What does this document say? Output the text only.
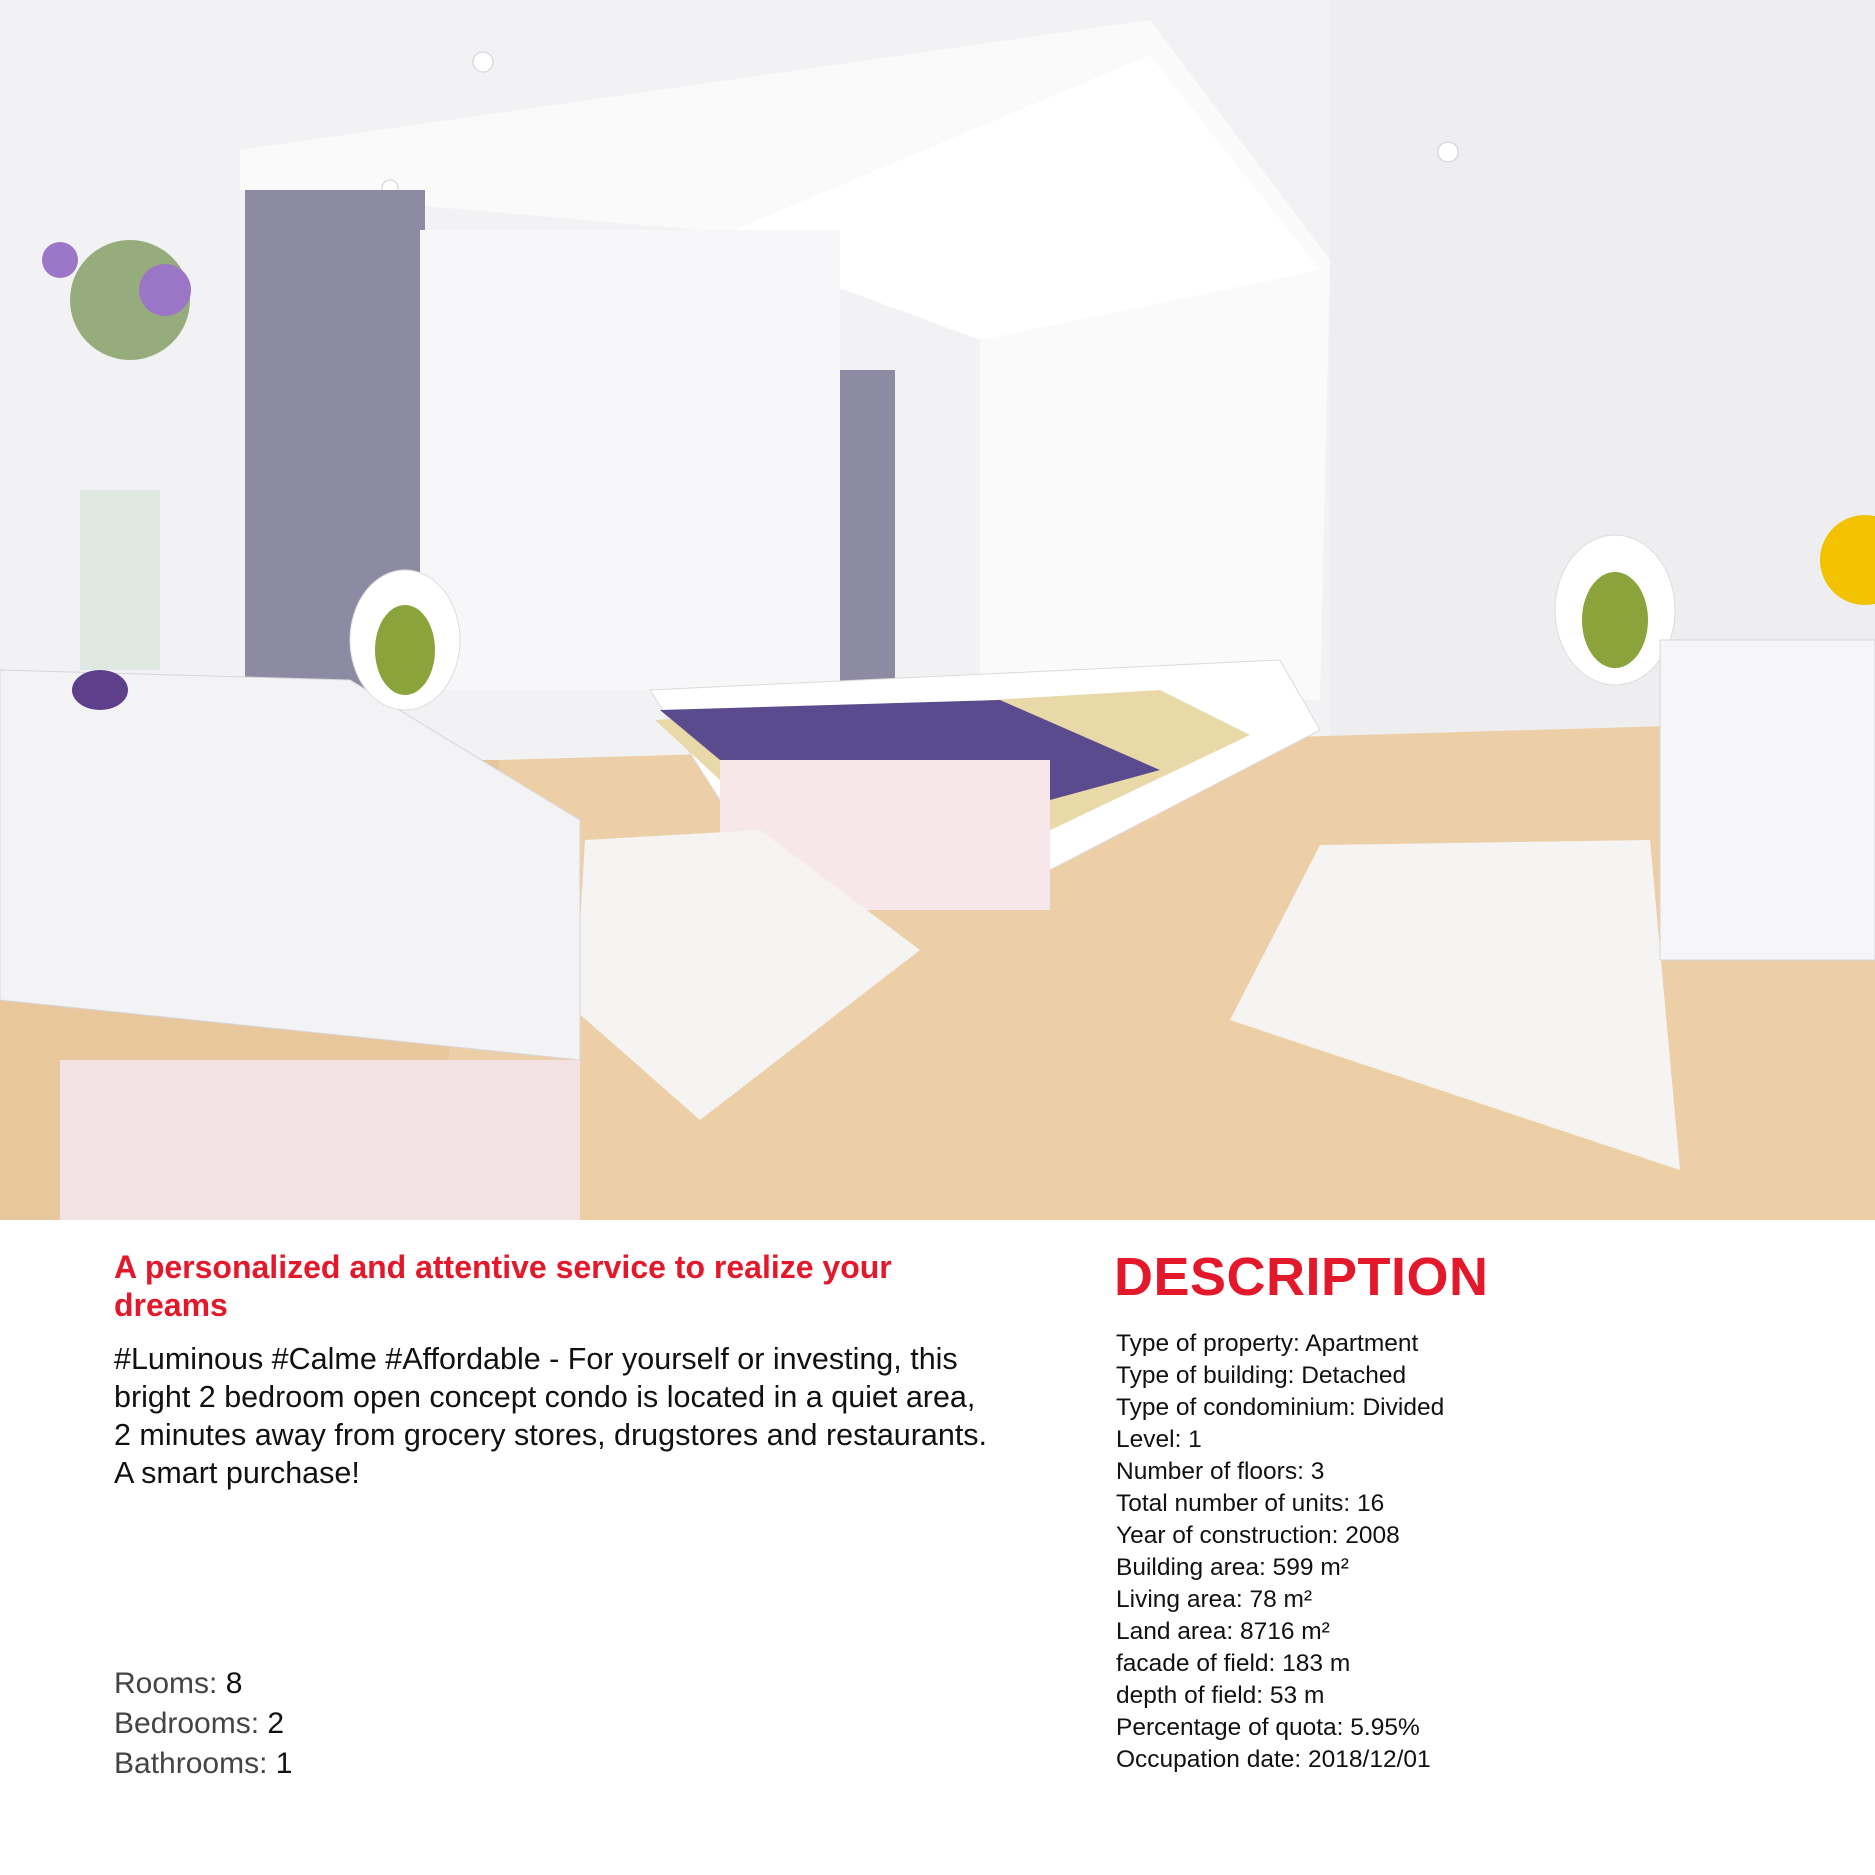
A personalized and attentive service to realize your dreams

#Luminous #Calme #Affordable - For yourself or investing, this bright 2 bedroom open concept condo is located in a quiet area, 2 minutes away from grocery stores, drugstores and restaurants. A smart purchase!

Rooms: 8
Bedrooms: 2
Bathrooms: 1
DESCRIPTION
Type of property: Apartment
Type of building: Detached
Type of condominium: Divided
Level: 1
Number of floors: 3
Total number of units: 16
Year of construction: 2008
Building area: 599 m²
Living area: 78 m²
Land area: 8716 m²
facade of field: 183 m
depth of field: 53 m
Percentage of quota: 5.95%
Occupation date: 2018/12/01
